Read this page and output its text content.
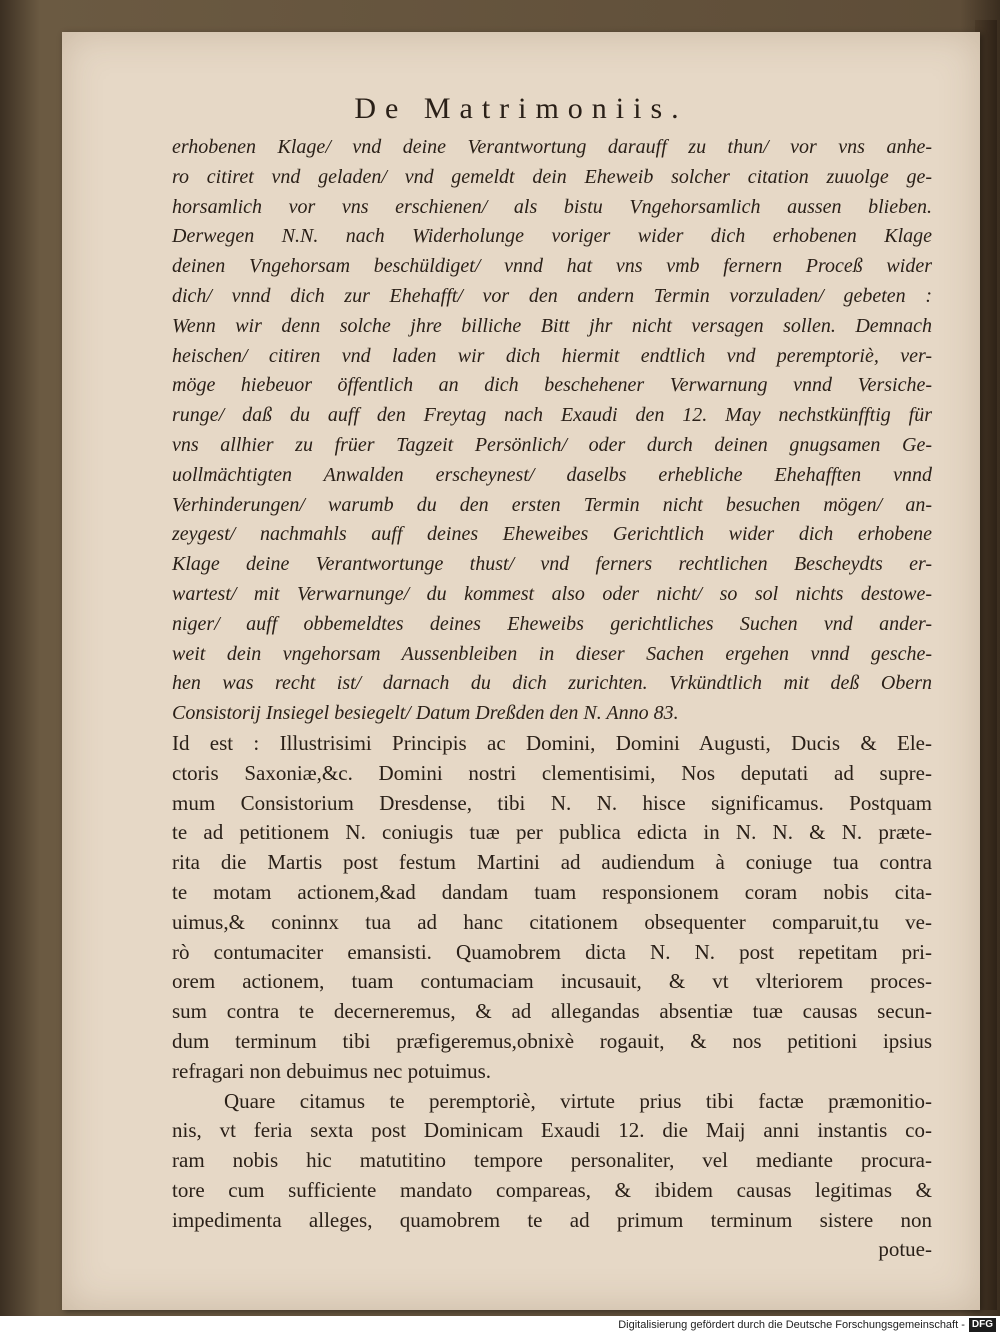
De Matrimoniis.
erhobenen Klage/ vnd deine Verantwortung darauff zu thun/ vor vns anhe-
ro citiret vnd geladen/ vnd gemeldt dein Eheweib solcher citation zuuolge ge-
horsamlich vor vns erschienen/ als bistu Vngehorsamlich aussen blieben.
Derwegen N.N. nach Widerholunge voriger wider dich erhobenen Klage
deinen Vngehorsam beschüldiget/ vnnd hat vns vmb fernern Proceß wider
dich/ vnnd dich zur Ehehafft/ vor den andern Termin vorzuladen/ gebeten :
Wenn wir denn solche jhre billiche Bitt jhr nicht versagen sollen. Demnach
heischen/ citiren vnd laden wir dich hiermit endtlich vnd peremptoriè, ver-
möge hiebeuor öffentlich an dich beschehener Verwarnung vnnd Versiche-
runge/ daß du auff den Freytag nach Exaudi den 12. May nechstkünfftig für
vns allhier zu früer Tagzeit Persönlich/ oder durch deinen gnugsamen Ge-
uollmächtigten Anwalden erscheynest/ daselbs erhebliche Ehehafften vnnd
Verhinderungen/ warumb du den ersten Termin nicht besuchen mögen/ an-
zeygest/ nachmahls auff deines Eheweibes Gerichtlich wider dich erhobene
Klage deine Verantwortunge thust/ vnd ferners rechtlichen Bescheydts er-
wartest/ mit Verwarnunge/ du kommest also oder nicht/ so sol nichts destowe-
niger/ auff obbemeldtes deines Eheweibs gerichtliches Suchen vnd ander-
weit dein vngehorsam Aussenbleiben in dieser Sachen ergehen vnnd gesche-
hen was recht ist/ darnach du dich zurichten. Vrkündtlich mit deß Obern
Consistorij Insiegel besiegelt/ Datum Dreßden den N. Anno 83.
Id est : Illustrisimi Principis ac Domini, Domini Augusti, Ducis & Ele-
ctoris Saxoniæ,&c. Domini nostri clementisimi, Nos deputati ad supre-
mum Consistorium Dresdense, tibi N. N. hisce significamus. Postquam
te ad petitionem N. coniugis tuæ per publica edicta in N. N. & N. præte-
rita die Martis post festum Martini ad audiendum à coniuge tua contra
te motam actionem,&ad dandam tuam responsionem coram nobis cita-
uimus,& coninnx tua ad hanc citationem obsequenter comparuit,tu ve-
rò contumaciter emansisti. Quamobrem dicta N. N. post repetitam pri-
orem actionem, tuam contumaciam incusauit, & vt vlteriorem proces-
sum contra te decerneremus, & ad allegandas absentiæ tuæ causas secun-
dum terminum tibi præfigeremus,obnixè rogauit, & nos petitioni ipsius
refragari non debuimus nec potuimus.
Quare citamus te peremptoriè, virtute prius tibi factæ præmonitio-
nis, vt feria sexta post Dominicam Exaudi 12. die Maij anni instantis co-
ram nobis hic matutitino tempore personaliter, vel mediante procura-
tore cum sufficiente mandato compareas, & ibidem causas legitimas &
impedimenta alleges, quamobrem te ad primum terminum sistere non
potue-
Digitalisierung gefördert durch die Deutsche Forschungsgemeinschaft - DFG
